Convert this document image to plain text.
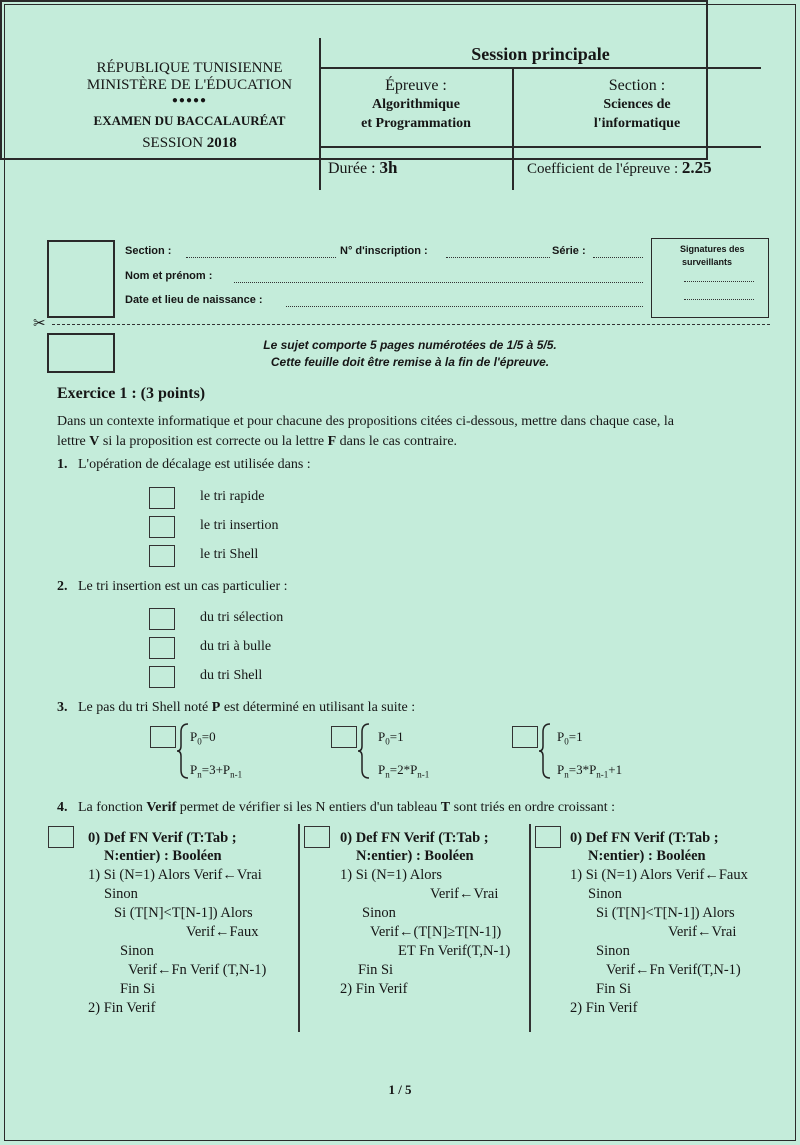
RÉPUBLIQUE TUNISIENNE
MINISTÈRE DE L'ÉDUCATION
●●●●●
EXAMEN DU BACCALAURÉAT
SESSION 2018
Session principale
Épreuve :
Algorithmique
et Programmation
Section :
Sciences de
l'informatique
Durée : 3h	Coefficient de l'épreuve : 2.25
Section :	N° d'inscription :	Série :
Nom et prénom :
Date et lieu de naissance :
Signatures des
surveillants
✂
Le sujet comporte 5 pages numérotées de 1/5 à 5/5.
Cette feuille doit être remise à la fin de l'épreuve.
Exercice 1 : (3 points)
Dans un contexte informatique et pour chacune des propositions citées ci-dessous, mettre dans chaque case, la
lettre V si la proposition est correcte ou la lettre F dans le cas contraire.
1. L'opération de décalage est utilisée dans :
le tri rapide
le tri insertion
le tri Shell
2. Le tri insertion est un cas particulier :
du tri sélection
du tri à bulle
du tri Shell
3. Le pas du tri Shell noté P est déterminé en utilisant la suite :
$P_0=0$
$P_n=3+P_{n-1}$
$P_0=1$
$P_n=2*P_{n-1}$
$P_0=1$
$P_n=3*P_{n-1}+1$
4. La fonction Verif permet de vérifier si les N entiers d'un tableau T sont triés en ordre croissant :
0) Def FN Verif (T:Tab ;
N:entier) : Booléen
1) Si (N=1) Alors Verif←Vrai
Sinon
Si (T[N]<T[N-1]) Alors
Verif←Faux
Sinon
Verif←Fn Verif (T,N-1)
Fin Si
2) Fin Verif
0) Def FN Verif (T:Tab ;
N:entier) : Booléen
1) Si (N=1) Alors
Verif←Vrai
Sinon
Verif←(T[N]≥T[N-1])
ET Fn Verif(T,N-1)
Fin Si
2) Fin Verif
0) Def FN Verif (T:Tab ;
N:entier) : Booléen
1) Si (N=1) Alors Verif←Faux
Sinon
Si (T[N]<T[N-1]) Alors
Verif←Vrai
Sinon
Verif←Fn Verif(T,N-1)
Fin Si
2) Fin Verif
1 / 5
